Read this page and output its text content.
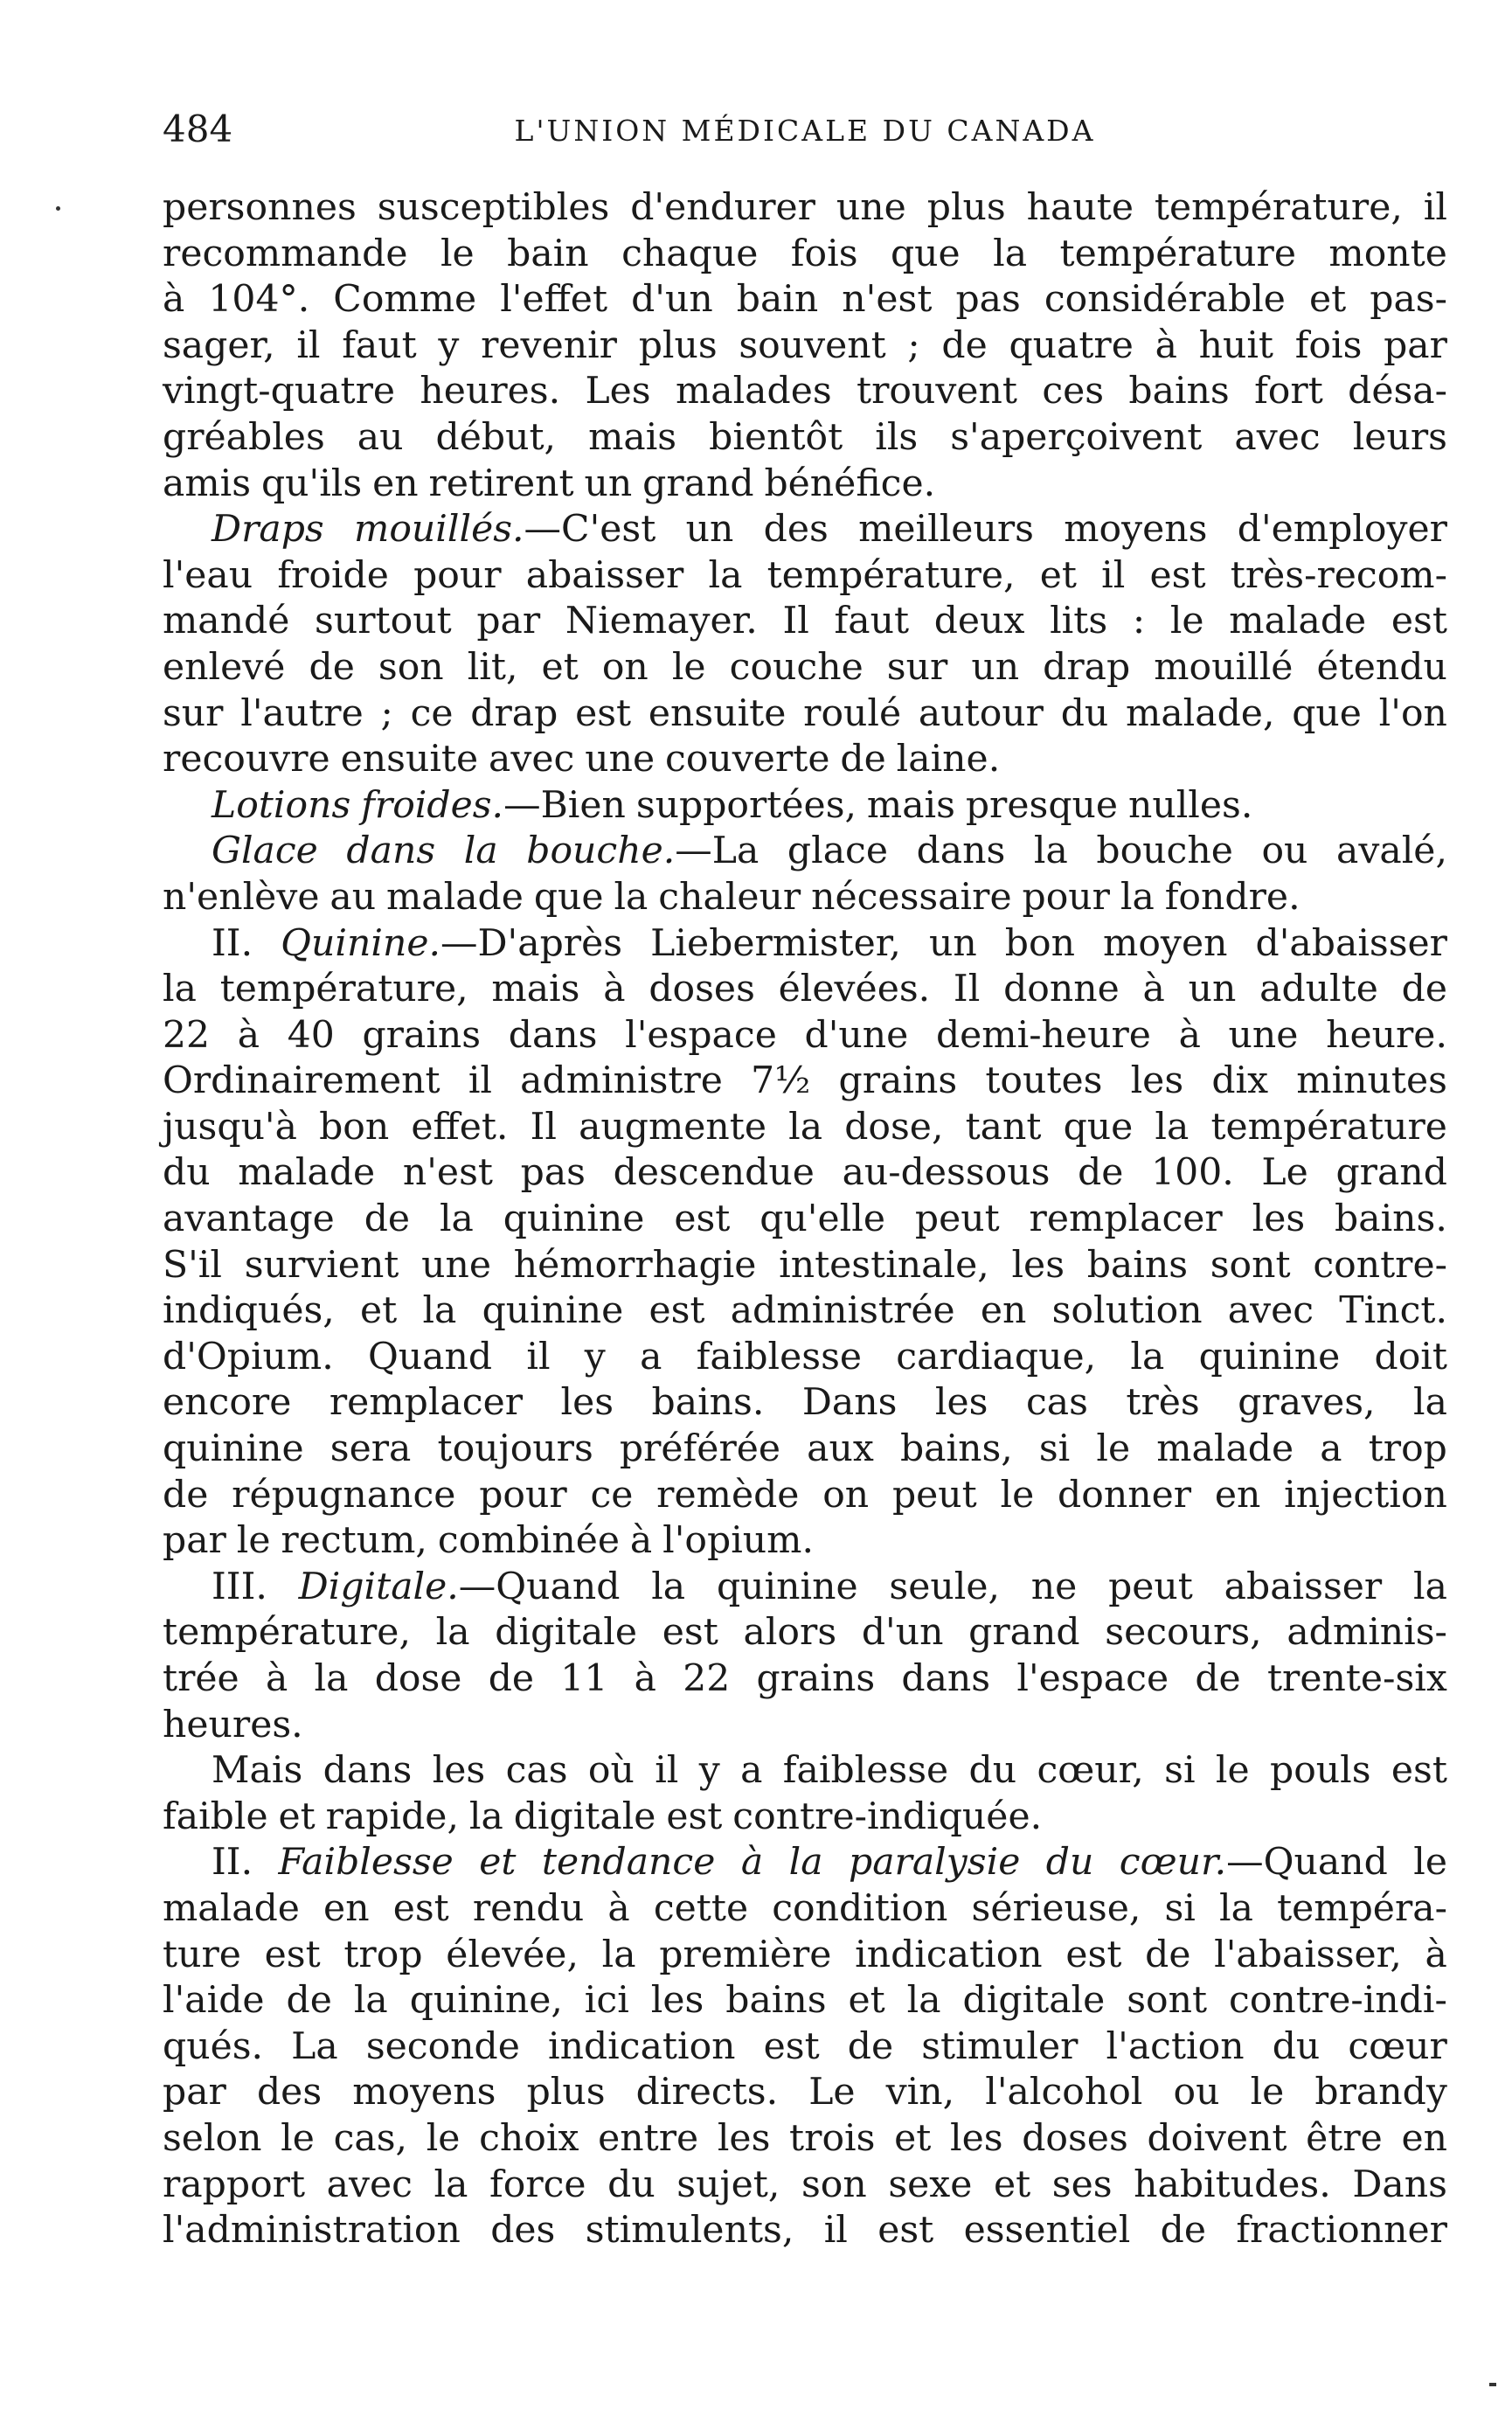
484	L'UNION MÉDICALE DU CANADA
personnes susceptibles d'endurer une plus haute température, il
recommande le bain chaque fois que la température monte
à 104°. Comme l'effet d'un bain n'est pas considérable et pas-
sager, il faut y revenir plus souvent ; de quatre à huit fois par
vingt-quatre heures. Les malades trouvent ces bains fort désa-
gréables au début, mais bientôt ils s'aperçoivent avec leurs
amis qu'ils en retirent un grand bénéfice.
Draps mouillés.—C'est un des meilleurs moyens d'employer
l'eau froide pour abaisser la température, et il est très-recom-
mandé surtout par Niemayer. Il faut deux lits : le malade est
enlevé de son lit, et on le couche sur un drap mouillé étendu
sur l'autre ; ce drap est ensuite roulé autour du malade, que l'on
recouvre ensuite avec une couverte de laine.
Lotions froides.—Bien supportées, mais presque nulles.
Glace dans la bouche.—La glace dans la bouche ou avalé,
n'enlève au malade que la chaleur nécessaire pour la fondre.
II. Quinine.—D'après Liebermister, un bon moyen d'abaisser
la température, mais à doses élevées. Il donne à un adulte de
22 à 40 grains dans l'espace d'une demi-heure à une heure.
Ordinairement il administre 7½ grains toutes les dix minutes
jusqu'à bon effet. Il augmente la dose, tant que la température
du malade n'est pas descendue au-dessous de 100. Le grand
avantage de la quinine est qu'elle peut remplacer les bains.
S'il survient une hémorrhagie intestinale, les bains sont contre-
indiqués, et la quinine est administrée en solution avec Tinct.
d'Opium. Quand il y a faiblesse cardiaque, la quinine doit
encore remplacer les bains. Dans les cas très graves, la
quinine sera toujours préférée aux bains, si le malade a trop
de répugnance pour ce remède on peut le donner en injection
par le rectum, combinée à l'opium.
III. Digitale.—Quand la quinine seule, ne peut abaisser la
température, la digitale est alors d'un grand secours, adminis-
trée à la dose de 11 à 22 grains dans l'espace de trente-six
heures.
Mais dans les cas où il y a faiblesse du cœur, si le pouls est
faible et rapide, la digitale est contre-indiquée.
II. Faiblesse et tendance à la paralysie du cœur.—Quand le
malade en est rendu à cette condition sérieuse, si la tempéra-
ture est trop élevée, la première indication est de l'abaisser, à
l'aide de la quinine, ici les bains et la digitale sont contre-indi-
qués. La seconde indication est de stimuler l'action du cœur
par des moyens plus directs. Le vin, l'alcohol ou le brandy
selon le cas, le choix entre les trois et les doses doivent être en
rapport avec la force du sujet, son sexe et ses habitudes. Dans
l'administration des stimulents, il est essentiel de fractionner
